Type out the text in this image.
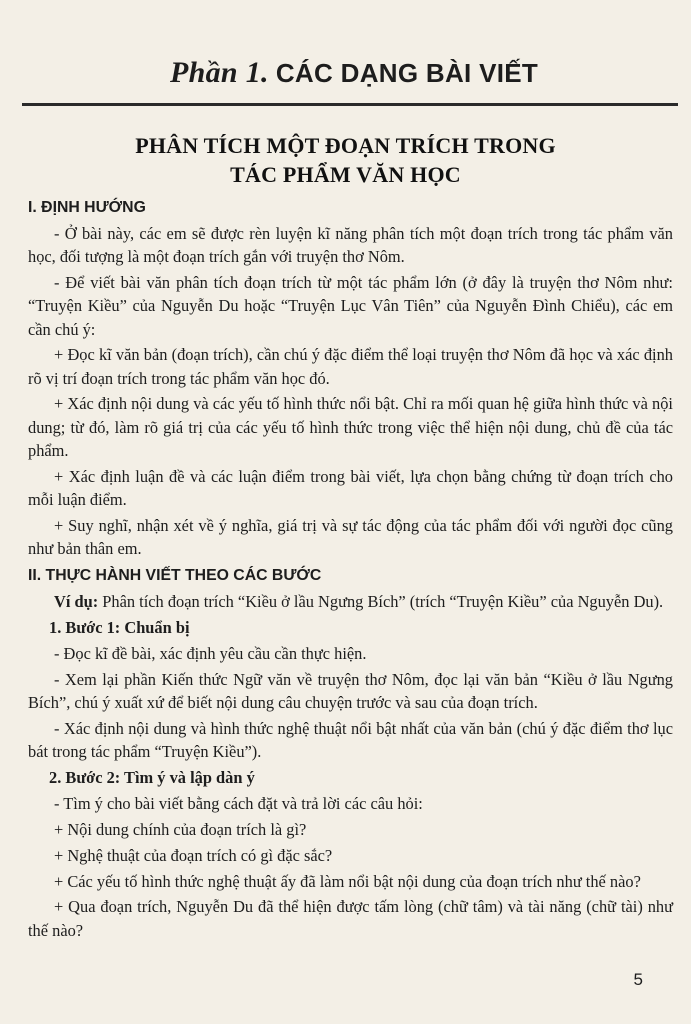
Phần 1. CÁC DẠNG BÀI VIẾT
PHÂN TÍCH MỘT ĐOẠN TRÍCH TRONG
TÁC PHẨM VĂN HỌC

I. ĐỊNH HƯỚNG

- Ở bài này, các em sẽ được rèn luyện kĩ năng phân tích một đoạn trích trong tác phẩm văn học, đối tượng là một đoạn trích gắn với truyện thơ Nôm.

- Để viết bài văn phân tích đoạn trích từ một tác phẩm lớn (ở đây là truyện thơ Nôm như: “Truyện Kiều” của Nguyễn Du hoặc “Truyện Lục Vân Tiên” của Nguyễn Đình Chiểu), các em cần chú ý:

+ Đọc kĩ văn bản (đoạn trích), cần chú ý đặc điểm thể loại truyện thơ Nôm đã học và xác định rõ vị trí đoạn trích trong tác phẩm văn học đó.

+ Xác định nội dung và các yếu tố hình thức nổi bật. Chỉ ra mối quan hệ giữa hình thức và nội dung; từ đó, làm rõ giá trị của các yếu tố hình thức trong việc thể hiện nội dung, chủ đề của tác phẩm.

+ Xác định luận đề và các luận điểm trong bài viết, lựa chọn bằng chứng từ đoạn trích cho mỗi luận điểm.

+ Suy nghĩ, nhận xét về ý nghĩa, giá trị và sự tác động của tác phẩm đối với người đọc cũng như bản thân em.

II. THỰC HÀNH VIẾT THEO CÁC BƯỚC

Ví dụ: Phân tích đoạn trích “Kiều ở lầu Ngưng Bích” (trích “Truyện Kiều” của Nguyễn Du).

1. Bước 1: Chuẩn bị

- Đọc kĩ đề bài, xác định yêu cầu cần thực hiện.

- Xem lại phần Kiến thức Ngữ văn về truyện thơ Nôm, đọc lại văn bản “Kiều ở lầu Ngưng Bích”, chú ý xuất xứ để biết nội dung câu chuyện trước và sau của đoạn trích.

- Xác định nội dung và hình thức nghệ thuật nổi bật nhất của văn bản (chú ý đặc điểm thơ lục bát trong tác phẩm “Truyện Kiều”).

2. Bước 2: Tìm ý và lập dàn ý

- Tìm ý cho bài viết bằng cách đặt và trả lời các câu hỏi:

+ Nội dung chính của đoạn trích là gì?

+ Nghệ thuật của đoạn trích có gì đặc sắc?

+ Các yếu tố hình thức nghệ thuật ấy đã làm nổi bật nội dung của đoạn trích như thế nào?

+ Qua đoạn trích, Nguyễn Du đã thể hiện được tấm lòng (chữ tâm) và tài năng (chữ tài) như thế nào?

5
